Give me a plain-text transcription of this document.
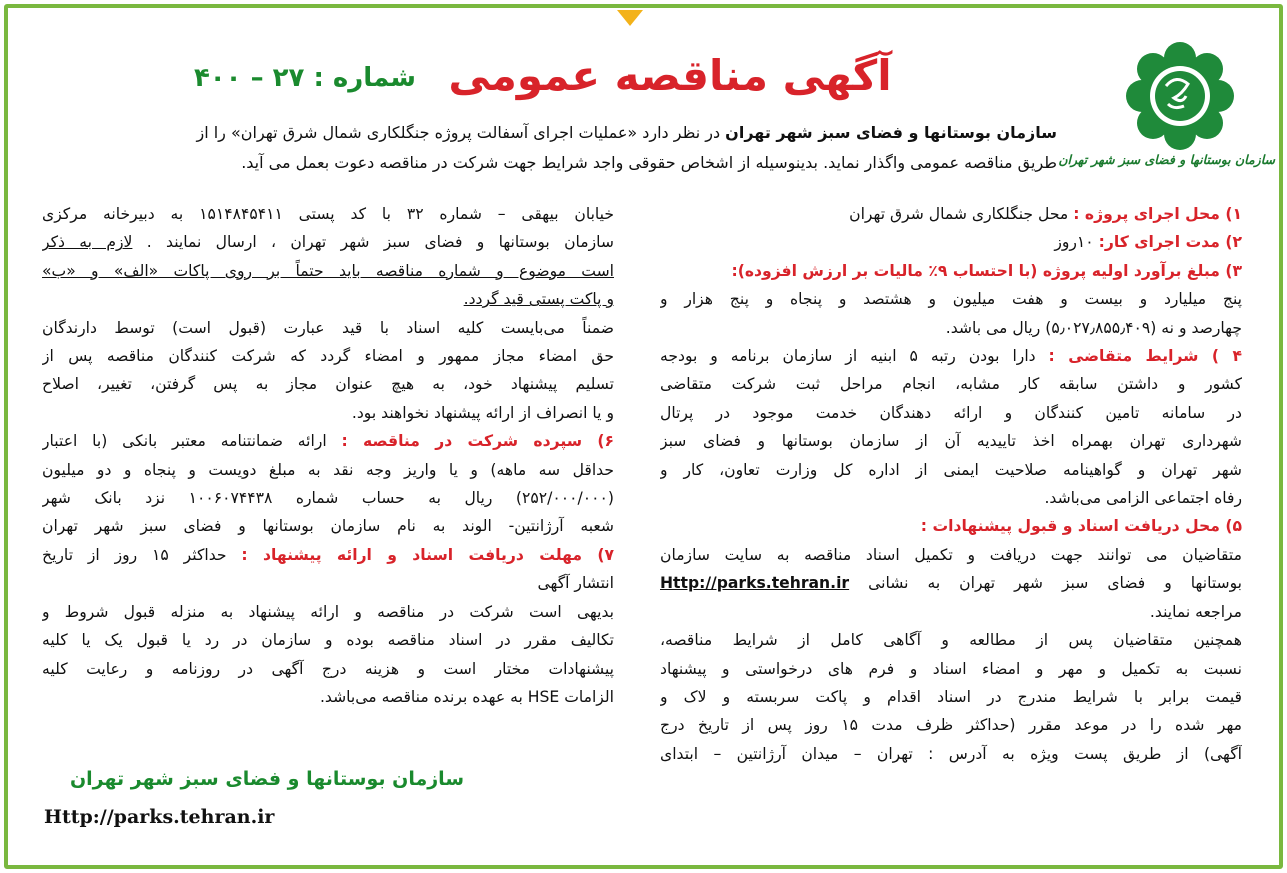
آگهی مناقصه عمومی
شماره : ۲۷ – ۴۰۰
سازمان بوستانها و فضای سبز شهر تهران
سازمان بوستانها و فضای سبز شهر تهران در نظر دارد «عملیات اجرای آسفالت پروژه جنگلکاری شمال شرق تهران» را از
طریق مناقصه عمومی واگذار نماید. بدینوسیله از اشخاص حقوقی واجد شرایط جهت شرکت در مناقصه دعوت بعمل می آید.
۱) محل اجرای پروژه : محل جنگلکاری شمال شرق تهران
۲) مدت اجرای کار: ۱۰روز
۳) مبلغ برآورد اولیه پروژه (با احتساب ۹٪ مالیات بر ارزش افزوده):
پنج میلیارد و بیست و هفت میلیون و هشتصد و پنجاه و پنج هزار و
چهارصد و نه (۵٫۰۲۷٫۸۵۵٫۴۰۹) ریال می باشد.
۴ ) شرایط متقاضی : دارا بودن رتبه ۵ ابنیه از سازمان برنامه و بودجه
کشور و داشتن سابقه کار مشابه، انجام مراحل ثبت شرکت متقاضی
در سامانه تامین کنندگان و ارائه دهندگان خدمت موجود در پرتال
شهرداری تهران بهمراه اخذ تاییدیه آن از سازمان بوستانها و فضای سبز
شهر تهران و گواهینامه صلاحیت ایمنی از اداره کل وزارت تعاون، کار و
رفاه اجتماعی الزامی می‌باشد.
۵) محل دریافت اسناد و قبول پیشنهادات :
متقاضیان می توانند جهت دریافت و تکمیل اسناد مناقصه به سایت سازمان
بوستانها و فضای سبز شهر تهران به نشانی Http://parks.tehran.ir
مراجعه نمایند.
همچنین متقاضیان پس از مطالعه و آگاهی کامل از شرایط مناقصه،
نسبت به تکمیل و مهر و امضاء اسناد و فرم های درخواستی و پیشنهاد
قیمت برابر با شرایط مندرج در اسناد اقدام و پاکت سربسته و لاک و
مهر شده را در موعد مقرر (حداکثر ظرف مدت ۱۵ روز پس از تاریخ درج
آگهی) از طریق پست ویژه به آدرس : تهران – میدان آرژانتین – ابتدای
خیابان بیهقی – شماره ۳۲ با کد پستی ۱۵۱۴۸۴۵۴۱۱ به دبیرخانه مرکزی
سازمان بوستانها و فضای سبز شهر تهران ، ارسال نمایند . لازم به ذکر
است موضوع و شماره مناقصه باید حتماً بر روی پاکات «الف» و «ب»
و پاکت پستی قید گردد.
ضمناً می‌بایست کلیه اسناد با قید عبارت (قبول است) توسط دارندگان
حق امضاء مجاز ممهور و امضاء گردد که شرکت کنندگان مناقصه پس از
تسلیم پیشنهاد خود، به هیچ عنوان مجاز به پس گرفتن، تغییر، اصلاح
و یا انصراف از ارائه پیشنهاد نخواهند بود.
۶) سپرده شرکت در مناقصه : ارائه ضمانتنامه معتبر بانکی (با اعتبار
حداقل سه ماهه) و یا واریز وجه نقد به مبلغ دویست و پنجاه و دو میلیون
(۲۵۲/۰۰۰/۰۰۰) ریال به حساب شماره ۱۰۰۶۰۷۴۴۳۸ نزد بانک شهر
شعبه آرژانتین- الوند به نام سازمان بوستانها و فضای سبز شهر تهران
۷) مهلت دریافت اسناد و ارائه پیشنهاد : حداکثر ۱۵ روز از تاریخ
انتشار آگهی
بدیهی است شرکت در مناقصه و ارائه پیشنهاد به منزله قبول شروط و
تکالیف مقرر در اسناد مناقصه بوده و سازمان در رد یا قبول یک یا کلیه
پیشنهادات مختار است و هزینه درج آگهی در روزنامه و رعایت کلیه
الزامات HSE به عهده برنده مناقصه می‌باشد.
سازمان بوستانها و فضای سبز شهر تهران
Http://parks.tehran.ir
